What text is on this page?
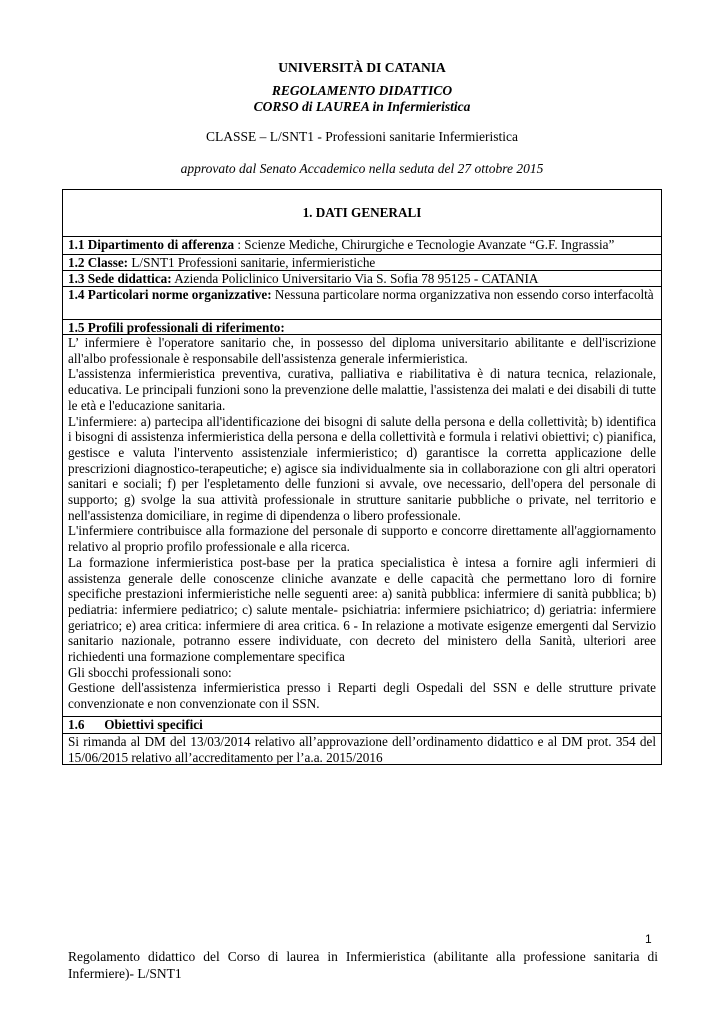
UNIVERSITÀ DI CATANIA
REGOLAMENTO DIDATTICO
CORSO di LAUREA in Infermieristica
CLASSE – L/SNT1 - Professioni sanitarie Infermieristica
approvato dal Senato Accademico nella seduta del 27 ottobre 2015
1. DATI GENERALI
1.1 Dipartimento di afferenza : Scienze Mediche, Chirurgiche e Tecnologie Avanzate “G.F. Ingrassia”
1.2 Classe: L/SNT1 Professioni sanitarie, infermieristiche
1.3 Sede didattica: Azienda Policlinico Universitario Via S. Sofia 78 95125 - CATANIA
1.4 Particolari norme organizzative: Nessuna particolare norma organizzativa non essendo corso interfacoltà
1.5 Profili professionali di riferimento:

L’ infermiere è l'operatore sanitario che, in possesso del diploma universitario abilitante e dell'iscrizione all'albo professionale è responsabile dell'assistenza generale infermieristica.

L'assistenza infermieristica preventiva, curativa, palliativa e riabilitativa è di natura tecnica, relazionale, educativa. Le principali funzioni sono la prevenzione delle malattie, l'assistenza dei malati e dei disabili di tutte le età e l'educazione sanitaria.

L'infermiere: a) partecipa all'identificazione dei bisogni di salute della persona e della collettività; b) identifica i bisogni di assistenza infermieristica della persona e della collettività e formula i relativi obiettivi; c) pianifica, gestisce e valuta l'intervento assistenziale infermieristico; d) garantisce la corretta applicazione delle prescrizioni diagnostico-terapeutiche; e) agisce sia individualmente sia in collaborazione con gli altri operatori sanitari e sociali; f) per l'espletamento delle funzioni si avvale, ove necessario, dell'opera del personale di supporto; g) svolge la sua attività professionale in strutture sanitarie pubbliche o private, nel territorio e nell'assistenza domiciliare, in regime di dipendenza o libero professionale.

L'infermiere contribuisce alla formazione del personale di supporto e concorre direttamente all'aggiornamento relativo al proprio profilo professionale e alla ricerca.

La formazione infermieristica post-base per la pratica specialistica è intesa a fornire agli infermieri di assistenza generale delle conoscenze cliniche avanzate e delle capacità che permettano loro di fornire specifiche prestazioni infermieristiche nelle seguenti aree: a) sanità pubblica: infermiere di sanità pubblica; b) pediatria: infermiere pediatrico; c) salute mentale- psichiatria: infermiere psichiatrico; d) geriatria: infermiere geriatrico; e) area critica: infermiere di area critica. 6 - In relazione a motivate esigenze emergenti dal Servizio sanitario nazionale, potranno essere individuate, con decreto del ministero della Sanità, ulteriori aree richiedenti una formazione complementare specifica

Gli sbocchi professionali sono:

Gestione dell'assistenza infermieristica presso i Reparti degli Ospedali del SSN e delle strutture private convenzionate e non convenzionate con il SSN.

1.6      Obiettivi specifici
Si rimanda al DM del 13/03/2014 relativo all’approvazione dell’ordinamento didattico e al DM prot. 354 del 15/06/2015 relativo all’accreditamento per l’a.a. 2015/2016
1
Regolamento didattico del Corso di laurea in Infermieristica (abilitante alla professione sanitaria di Infermiere)- L/SNT1
